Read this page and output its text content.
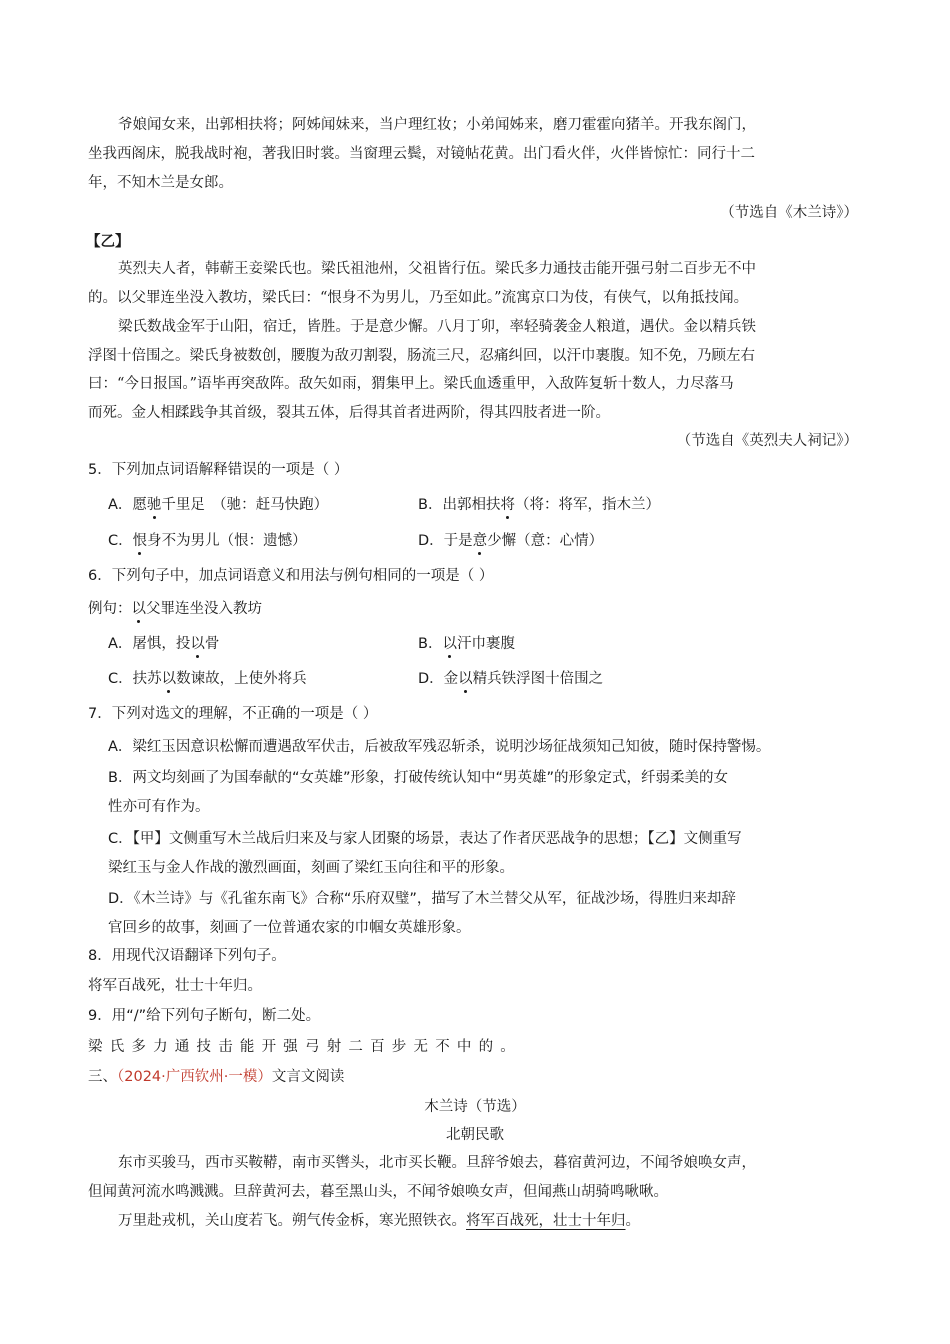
爷娘闻女来，出郭相扶将；阿姊闻妹来，当户理红妆；小弟闻姊来，磨刀霍霍向猪羊。开我东阁门，
坐我西阁床，脱我战时袍，著我旧时裳。当窗理云鬓，对镜帖花黄。出门看火伴，火伴皆惊忙：同行十二
年，不知木兰是女郎。
（节选自《木兰诗》）
【乙】
英烈夫人者，韩蕲王妾梁氏也。梁氏祖池州，父祖皆行伍。梁氏多力通技击能开强弓射二百步无不中
的。以父罪连坐没入教坊，梁氏曰：“恨身不为男儿，乃至如此。”流寓京口为伎，有侠气，以角抵技闻。
梁氏数战金军于山阳，宿迁，皆胜。于是意少懈。八月丁卯，率轻骑袭金人粮道，遇伏。金以精兵铁
浮图十倍围之。梁氏身被数创，腰腹为敌刃割裂，肠流三尺，忍痛纠回，以汗巾裹腹。知不免，乃顾左右
曰：“今日报国。”语毕再突敌阵。敌矢如雨，猬集甲上。梁氏血透重甲，入敌阵复斩十数人，力尽落马
而死。金人相蹂践争其首级，裂其五体，后得其首者进两阶，得其四肢者进一阶。
（节选自《英烈夫人祠记》）
5．下列加点词语解释错误的一项是（ ）
A．愿驰千里足　（驰：赶马快跑）	B．出郭相扶将（将：将军，指木兰）
C．恨身不为男儿（恨：遗憾）	D．于是意少懈（意：心情）
6．下列句子中，加点词语意义和用法与例句相同的一项是（ ）
例句：以父罪连坐没入教坊
A．屠惧，投以骨	B．以汗巾裹腹
C．扶苏以数谏故，上使外将兵	D．金以精兵铁浮图十倍围之
7．下列对选文的理解，不正确的一项是（ ）
A．梁红玉因意识松懈而遭遇敌军伏击，后被敌军残忍斩杀，说明沙场征战须知己知彼，随时保持警惕。
B．两文均刻画了为国奉献的“女英雄”形象，打破传统认知中“男英雄”的形象定式，纤弱柔美的女
性亦可有作为。
C．【甲】文侧重写木兰战后归来及与家人团聚的场景，表达了作者厌恶战争的思想；【乙】文侧重写
梁红玉与金人作战的激烈画面，刻画了梁红玉向往和平的形象。
D．《木兰诗》与《孔雀东南飞》合称“乐府双璧”，描写了木兰替父从军，征战沙场，得胜归来却辞
官回乡的故事，刻画了一位普通农家的巾帼女英雄形象。
8．用现代汉语翻译下列句子。
将军百战死，壮士十年归。
9．用“/”给下列句子断句，断二处。
梁氏多力通技击能开强弓射二百步无不中的。
三、（2024·广西钦州·一模）文言文阅读
木兰诗（节选）
北朝民歌
东市买骏马，西市买鞍鞯，南市买辔头，北市买长鞭。旦辞爷娘去，暮宿黄河边，不闻爷娘唤女声，
但闻黄河流水鸣溅溅。旦辞黄河去，暮至黑山头，不闻爷娘唤女声，但闻燕山胡骑鸣啾啾。
万里赴戎机，关山度若飞。朔气传金柝，寒光照铁衣。将军百战死，壮士十年归。
